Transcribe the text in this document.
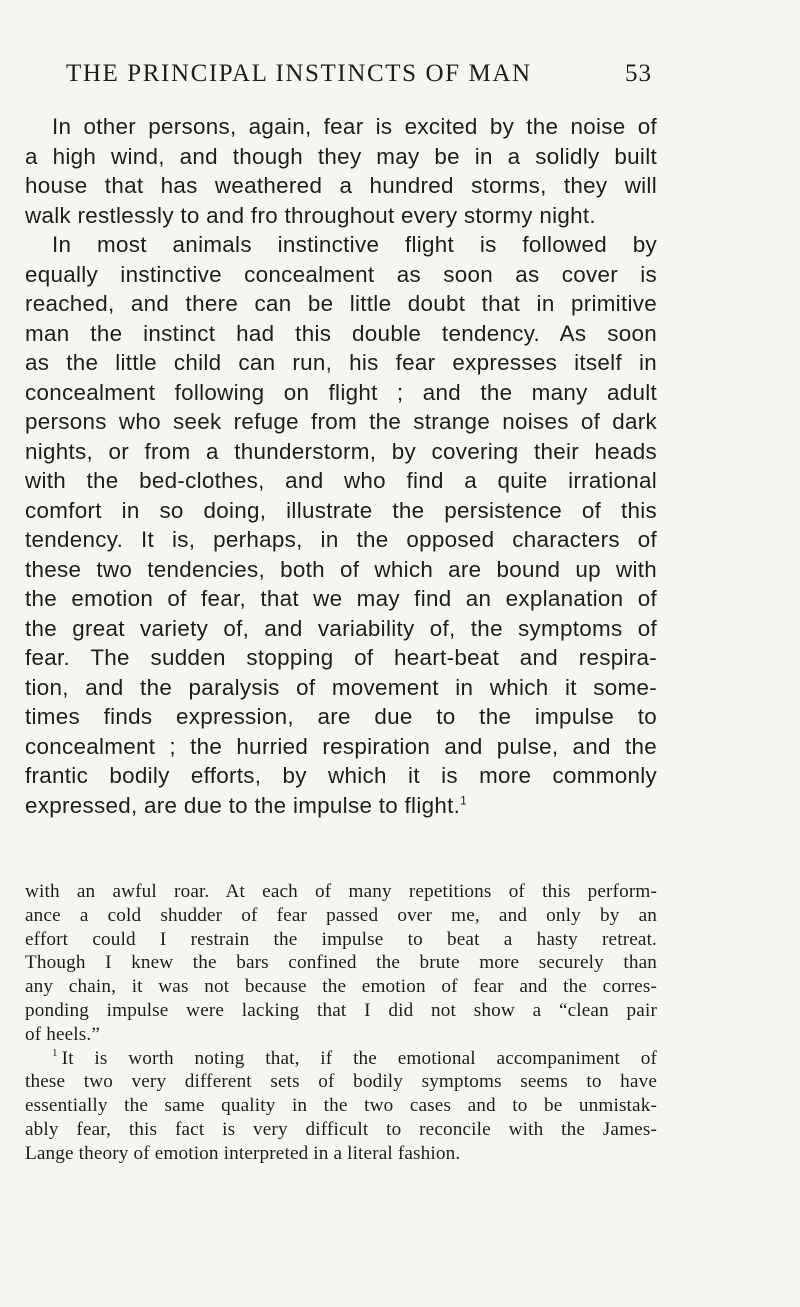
THE PRINCIPAL INSTINCTS OF MAN	53
In other persons, again, fear is excited by the noise of
a high wind, and though they may be in a solidly built
house that has weathered a hundred storms, they will
walk restlessly to and fro throughout every stormy night.
In most animals instinctive flight is followed by
equally instinctive concealment as soon as cover is
reached, and there can be little doubt that in primitive
man the instinct had this double tendency. As soon
as the little child can run, his fear expresses itself in
concealment following on flight ; and the many adult
persons who seek refuge from the strange noises of dark
nights, or from a thunderstorm, by covering their heads
with the bed-clothes, and who find a quite irrational
comfort in so doing, illustrate the persistence of this
tendency. It is, perhaps, in the opposed characters of
these two tendencies, both of which are bound up with
the emotion of fear, that we may find an explanation of
the great variety of, and variability of, the symptoms of
fear. The sudden stopping of heart-beat and respira-
tion, and the paralysis of movement in which it some-
times finds expression, are due to the impulse to
concealment ; the hurried respiration and pulse, and the
frantic bodily efforts, by which it is more commonly
expressed, are due to the impulse to flight.$^1$
with an awful roar. At each of many repetitions of this perform-
ance a cold shudder of fear passed over me, and only by an
effort could I restrain the impulse to beat a hasty retreat.
Though I knew the bars confined the brute more securely than
any chain, it was not because the emotion of fear and the corres-
ponding impulse were lacking that I did not show a “clean pair
of heels.”
$^1$ It is worth noting that, if the emotional accompaniment of
these two very different sets of bodily symptoms seems to have
essentially the same quality in the two cases and to be unmistak-
ably fear, this fact is very difficult to reconcile with the James-
Lange theory of emotion interpreted in a literal fashion.
